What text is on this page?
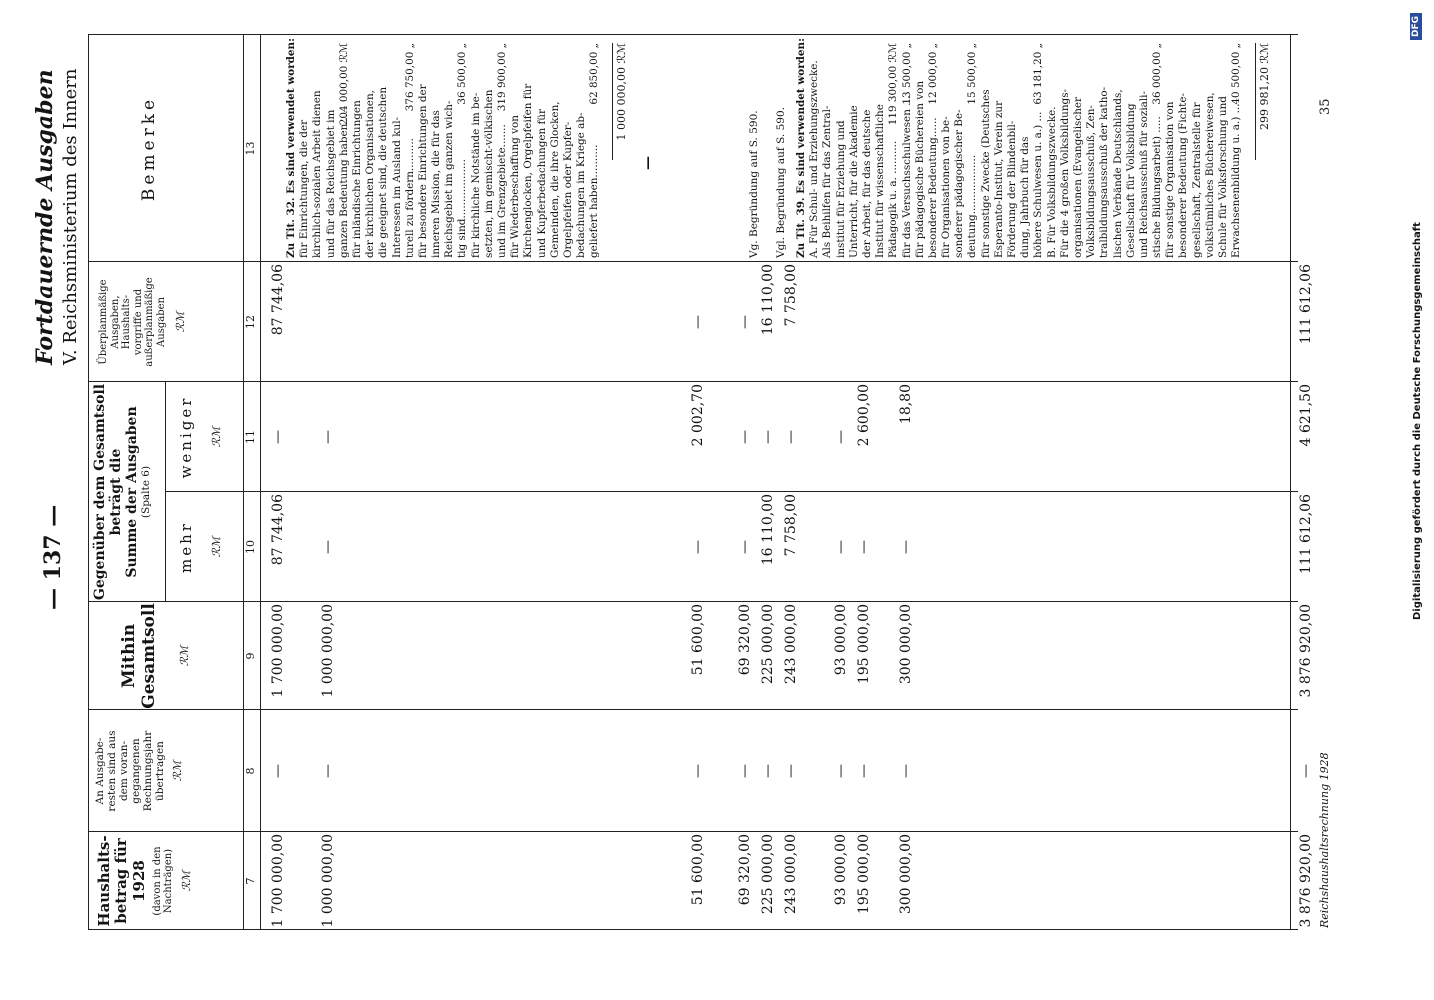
— 137 —
Fortdauernde Ausgaben V. Reichsministerium des Innern
Haushalts-
betrag für
1928 (davon in den
Nachträgen) ℛℳ
An Ausgabe-
resten sind aus
dem voran-
gegangenen
Rechnungsjahr
übertragen ℛℳ
Mithin
Gesamtsoll ℛℳ
Gegenüber dem Gesamtsoll
beträgt die
Summe der Ausgaben
(Spalte 6)
mehr ℛℳ
weniger ℛℳ
Überplanmäßige
Ausgaben,
Haushalts-
vorgriffe und
außerplanmäßige
Ausgaben ℛℳ
Bemerke
7
8
9
10
11
12
13
1 700 000,00
—
1 700 000,00
87 744,06
—
87 744,06
1 000 000,00
—
1 000 000,00
—
—
51 600,00
—
51 600,00
—
2 002,70
—
69 320,00
—
69 320,00
—
—
—
225 000,00
—
225 000,00
16 110,00
—
16 110,00
243 000,00
—
243 000,00
7 758,00
—
7 758,00
93 000,00
—
93 000,00
—
—
195 000,00
—
195 000,00
—
2 600,00
300 000,00
—
300 000,00
—
18,80
Zu Tit. 32. Es sind verwendet worden: für Einrichtungen, die der kirchlich-sozialen Arbeit dienen und für das Reichsgebiet im ganzen Bedeutung haben ...
204 000,00 ℛℳ
für inländische Einrichtungen der kirchlichen Organisationen, die geeignet sind, die deutschen Interessen im Ausland kul- turell zu fördern..........
376 750,00 „
für besondere Einrichtungen der inneren Mission, die für das Reichsgebiet im ganzen wich- tig sind..................
36 500,00 „
für kirchliche Notstände im be- setzten, im gemischt-völkischen und im Grenzgebiete.......
319 900,00 „
für Wiederbeschaffung von Kirchenglocken, Orgelpfeifen für und Kupferbedachungen für Gemeinden, die ihre Glocken, Orgelpfeifen oder Kupfer- bedachungen im Kriege ab- geliefert haben..........
62 850,00 „ 1 000 000,00 ℛℳ
—	Vg. Begründung auf S. 590. Vgl. Begründung auf S. 590. Zu Tit. 39. Es sind verwendet worden: A. Für Schul- und Erziehungszwecke. Als Beihilfen für das Zentral- institut für Erziehung und Unterricht, für die Akademie der Arbeit, für das deutsche Institut für wissenschaftliche Pädagogik u. a. ..........
119 300,00 ℛℳ
für das Versuchsschulwesen ...
13 500,00 „
für pädagogische Büchereien von besonderer Bedeutung......
12 000,00 „
für Organisationen von be- sonderer pädagogischer Be- deutung..................
15 500,00 „
für sonstige Zwecke (Deutsches Esperanto-Institut, Verein zur Förderung der Blindenbil- dung, Jahrbuch für das höhere Schulwesen u. a.) ...
63 181,20 „
B. Für Volksbildungszwecke. Für die 4 großen Volksbildungs- organisationen (Evangelischer Volksbildungsausschuß, Zen- tralbildungsausschuß der katho- lischen Verbände Deutschlands, Gesellschaft für Volksbildung und Reichsausschuß für soziali- stische Bildungsarbeit) .....
36 000,00 „
für sonstige Organisation von besonderer Bedeutung (Fichte- gesellschaft, Zentralstelle für volkstümliches Büchereiwesen, Schule für Volksforschung und Erwachsenenbildung u. a.) ...
40 500,00 „ 299 981,20 ℛℳ
3 876 920,00
—
3 876 920,00
111 612,06
4 621,50
111 612,06
Reichshaushaltsrechnung 1928
35
Digitalisierung gefördert durch die Deutsche Forschungsgemeinschaft
DFG
